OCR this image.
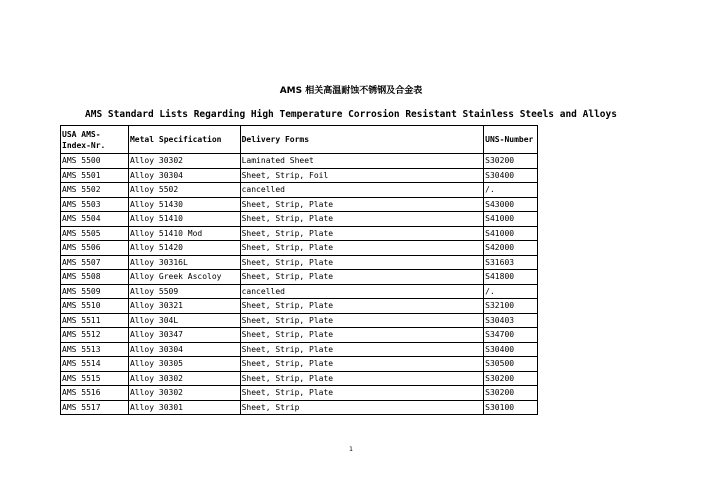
AMS 相关高温耐蚀不锈钢及合金表
AMS Standard Lists Regarding High Temperature Corrosion Resistant Stainless Steels and Alloys
USA AMS-Index-Nr.	Metal Specification	Delivery Forms	UNS-Number
AMS 5500	Alloy 30302	Laminated Sheet	S30200
AMS 5501	Alloy 30304	Sheet, Strip, Foil	S30400
AMS 5502	Alloy 5502	cancelled	/.
AMS 5503	Alloy 51430	Sheet, Strip, Plate	S43000
AMS 5504	Alloy 51410	Sheet, Strip, Plate	S41000
AMS 5505	Alloy 51410 Mod	Sheet, Strip, Plate	S41000
AMS 5506	Alloy 51420	Sheet, Strip, Plate	S42000
AMS 5507	Alloy 30316L	Sheet, Strip, Plate	S31603
AMS 5508	Alloy Greek Ascoloy	Sheet, Strip, Plate	S41800
AMS 5509	Alloy 5509	cancelled	/.
AMS 5510	Alloy 30321	Sheet, Strip, Plate	S32100
AMS 5511	Alloy 304L	Sheet, Strip, Plate	S30403
AMS 5512	Alloy 30347	Sheet, Strip, Plate	S34700
AMS 5513	Alloy 30304	Sheet, Strip, Plate	S30400
AMS 5514	Alloy 30305	Sheet, Strip, Plate	S30500
AMS 5515	Alloy 30302	Sheet, Strip, Plate	S30200
AMS 5516	Alloy 30302	Sheet, Strip, Plate	S30200
AMS 5517	Alloy 30301	Sheet, Strip	S30100
1
